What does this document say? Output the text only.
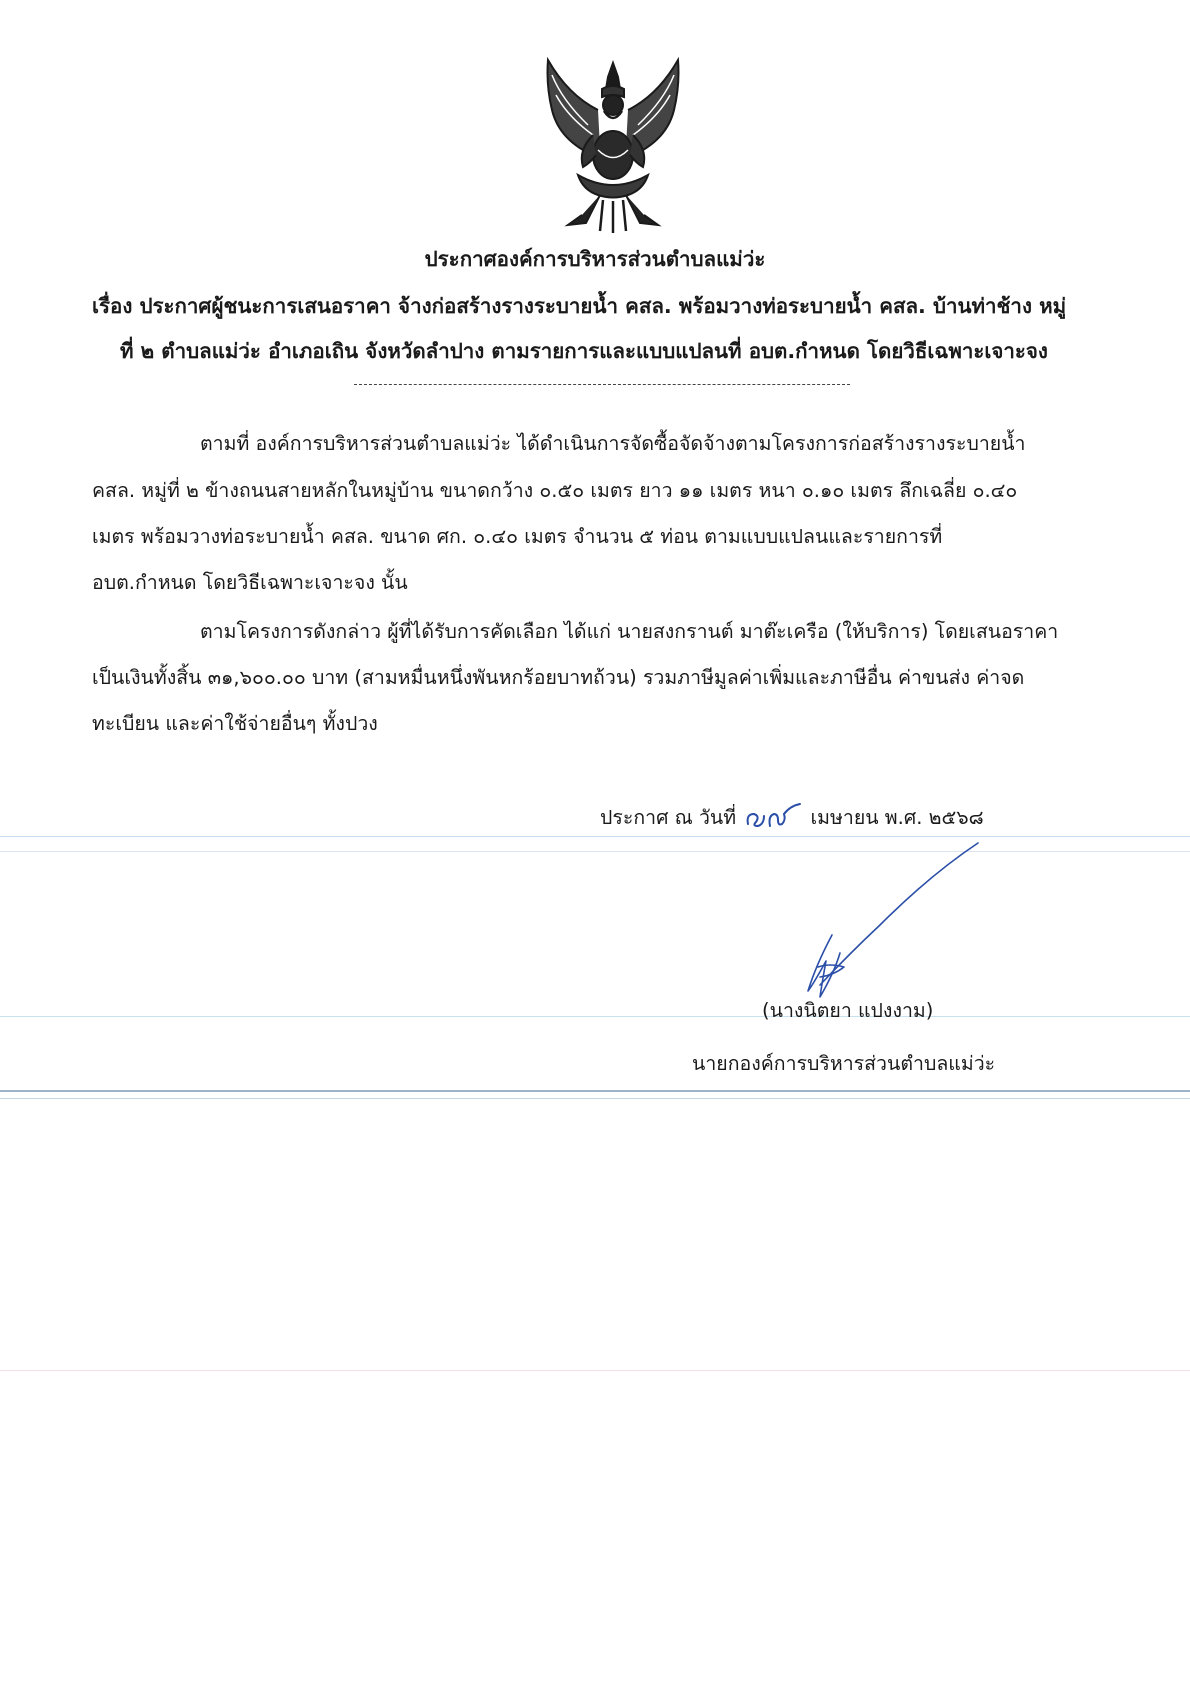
ประกาศองค์การบริหารส่วนตำบลแม่ว่ะ
เรื่อง ประกาศผู้ชนะการเสนอราคา จ้างก่อสร้างรางระบายน้ำ คสล. พร้อมวางท่อระบายน้ำ คสล. บ้านท่าช้าง หมู่
ที่ ๒ ตำบลแม่ว่ะ อำเภอเถิน จังหวัดลำปาง ตามรายการและแบบแปลนที่ อบต.กำหนด โดยวิธีเฉพาะเจาะจง
ตามที่ องค์การบริหารส่วนตำบลแม่ว่ะ ได้ดำเนินการจัดซื้อจัดจ้างตามโครงการก่อสร้างรางระบายน้ำ
คสล. หมู่ที่ ๒ ข้างถนนสายหลักในหมู่บ้าน ขนาดกว้าง ๐.๕๐ เมตร ยาว ๑๑ เมตร หนา ๐.๑๐ เมตร ลึกเฉลี่ย ๐.๔๐
เมตร พร้อมวางท่อระบายน้ำ คสล. ขนาด ศก. ๐.๔๐ เมตร จำนวน ๕ ท่อน ตามแบบแปลนและรายการที่
อบต.กำหนด โดยวิธีเฉพาะเจาะจง นั้น
ตามโครงการดังกล่าว ผู้ที่ได้รับการคัดเลือก ได้แก่ นายสงกรานต์ มาต๊ะเครือ (ให้บริการ) โดยเสนอราคา
เป็นเงินทั้งสิ้น ๓๑,๖๐๐.๐๐ บาท (สามหมื่นหนึ่งพันหกร้อยบาทถ้วน) รวมภาษีมูลค่าเพิ่มและภาษีอื่น ค่าขนส่ง ค่าจด
ทะเบียน และค่าใช้จ่ายอื่นๆ ทั้งปวง
ประกาศ ณ วันที่	เมษายน พ.ศ. ๒๕๖๘
(นางนิตยา แปงงาม)
นายกองค์การบริหารส่วนตำบลแม่ว่ะ
